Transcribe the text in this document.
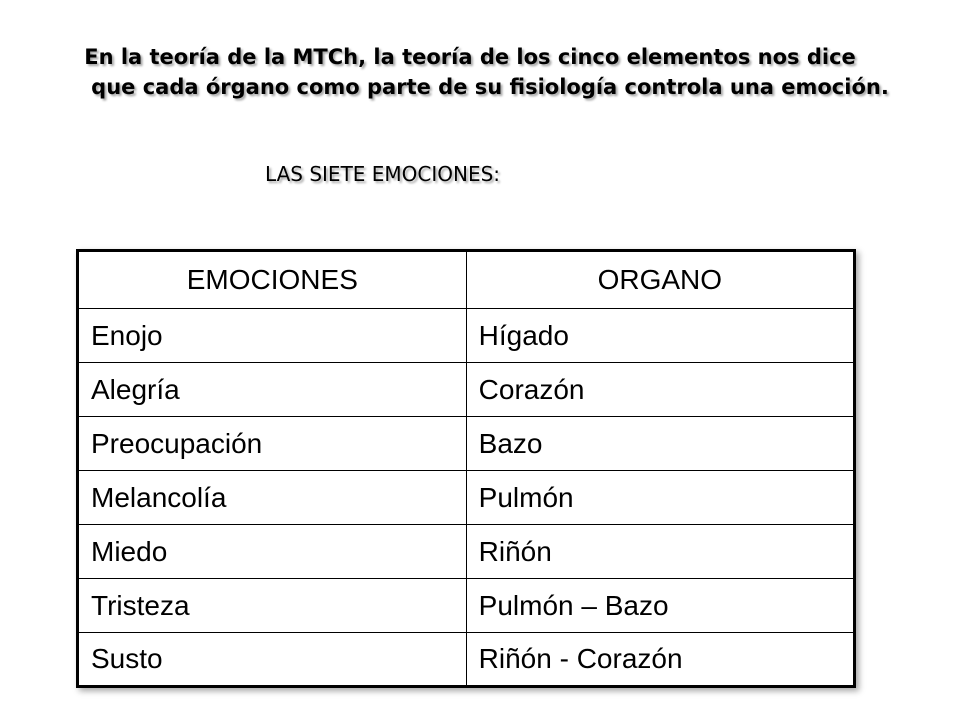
En la teoría de la MTCh, la teoría de los cinco elementos nos dice
que cada órgano como parte de su fisiología controla una emoción.
LAS SIETE EMOCIONES:
EMOCIONES	ORGANO
Enojo	Hígado
Alegría	Corazón
Preocupación	Bazo
Melancolía	Pulmón
Miedo	Riñón
Tristeza	Pulmón – Bazo
Susto	Riñón - Corazón
